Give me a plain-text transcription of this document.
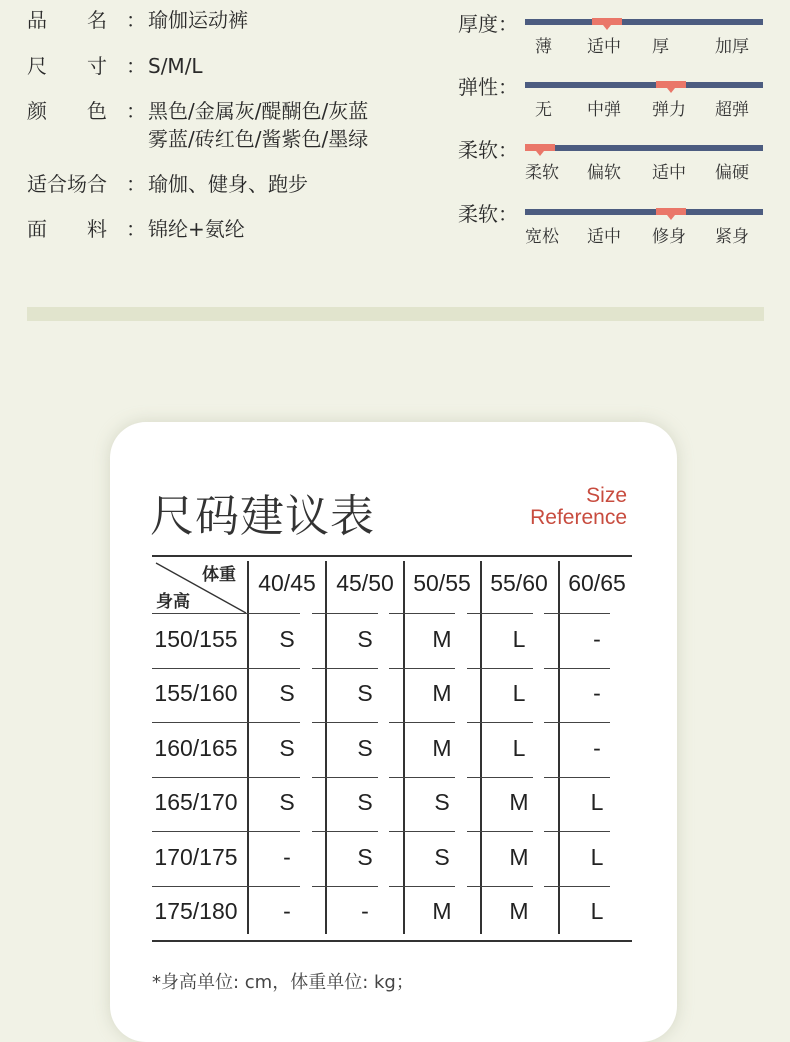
品　　名 ： 瑜伽运动裤
尺　　寸 ： S/M/L
颜　　色 ： 黑色/金属灰/醍醐色/灰蓝
雾蓝/砖红色/酱紫色/墨绿
适合场合 ： 瑜伽、健身、跑步
面　　料 ： 锦纶+氨纶
厚度：
薄 适中 厚	加厚
弹性：
无 中弹 弹力 超弹
柔软：
柔软 偏软 适中 偏硬
柔软：
宽松 适中 修身 紧身
尺码建议表	Size
Reference
体重
身高
40/45 45/50 50/55 55/60 60/65
150/155	S	S	M	L	-
155/160	S	S	M	L	-
160/165	S	S	M	L	-
165/170	S	S	S	M	L
170/175	-	S	S	M	L
175/180	-	-	M	M	L
*身高单位: cm，体重单位: kg；
